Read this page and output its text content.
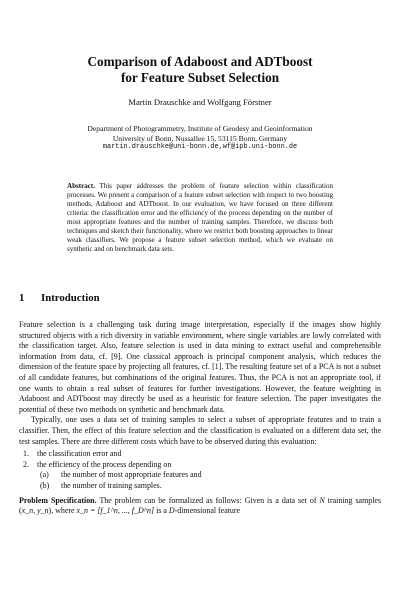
Comparison of Adaboost and ADTboost
for Feature Subset Selection
Martin Drauschke and Wolfgang Förstner
Department of Photogrammetry, Institute of Geodesy and Geoinformation
University of Bonn, Nussallee 15, 53115 Bonn, Germany
martin.drauschke@uni-bonn.de,wf@ipb.uni-bonn.de
Abstract. This paper addresses the problem of feature selection within classification processes. We present a comparison of a feature subset selection with respect to two boosting methods, Adaboost and ADTboost. In our evaluation, we have focused on three different criteria: the classification error and the efficiency of the process depending on the number of most appropriate features and the number of training samples. Therefore, we discuss both techniques and sketch their functionality, where we restrict both boosting approaches to linear weak classifiers. We propose a feature subset selection method, which we evaluate on synthetic and on benchmark data sets.
1 Introduction

Feature selection is a challenging task during image interpretation, especially if the images show highly structured objects with a rich diversity in variable environment, where single variables are lowly correlated with the classification target. Also, feature selection is used in data mining to extract useful and comprehensible information from data, cf. [9]. One classical approach is principal component analysis, which reduces the dimension of the feature space by projecting all features, cf. [1]. The resulting feature set of a PCA is not a subset of all candidate features, but combinations of the original features. Thus, the PCA is not an appropriate tool, if one wants to obtain a real subset of features for further investigations. However, the feature weighting in Adaboost and ADTboost may directly be used as a heuristic for feature selection. The paper investigates the potential of these two methods on synthetic and benchmark data.

Typically, one uses a data set of training samples to select a subset of appropriate features and to train a classifier. Then, the effect of this feature selection and the classification is evaluated on a different data set, the test samples. There are three different costs which have to be observed during this evaluation:

1. the classification error and
2. the efficiency of the process depending on
(a) the number of most appropriate features and
(b) the number of training samples.

Problem Specification. The problem can be formalized as follows: Given is a data set of N training samples (x_n, y_n), where x_n = [f_1^n, ..., f_D^n] is a D-dimensional feature
